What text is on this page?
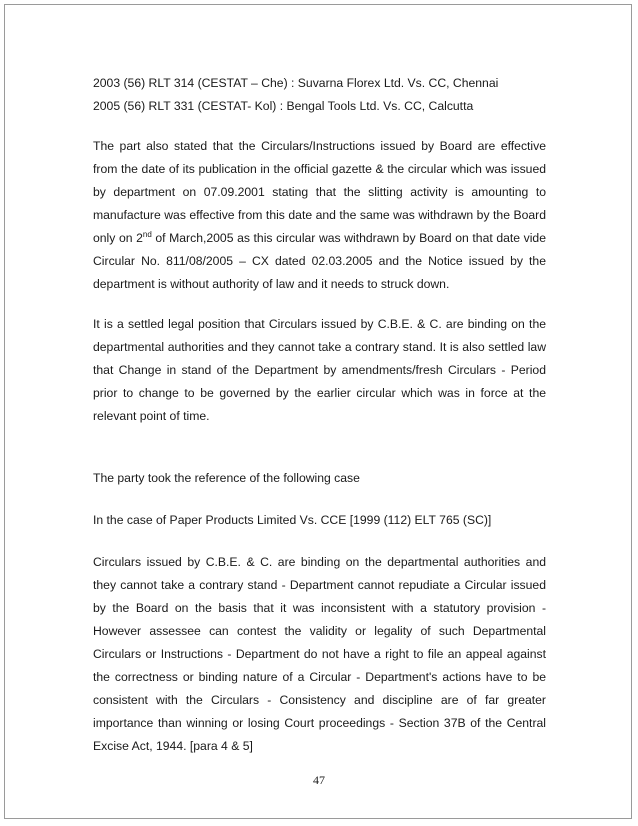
2003 (56) RLT 314 (CESTAT – Che) : Suvarna Florex Ltd. Vs. CC, Chennai

2005 (56) RLT 331 (CESTAT- Kol) : Bengal Tools Ltd. Vs. CC, Calcutta

The part also stated that the Circulars/Instructions issued by Board are effective from the date of its publication in the official gazette & the circular which was issued by department on 07.09.2001 stating that the slitting activity is amounting to manufacture was effective from this date and the same was withdrawn by the Board only on 2nd of March,2005 as this circular was withdrawn by Board on that date vide Circular No. 811/08/2005 – CX dated 02.03.2005 and the Notice issued by the department is without authority of law and it needs to struck down.

It is a settled legal position that Circulars issued by C.B.E. & C. are binding on the departmental authorities and they cannot take a contrary stand. It is also settled law that Change in stand of the Department by amendments/fresh Circulars - Period prior to change to be governed by the earlier circular which was in force at the relevant point of time.

The party took the reference of the following case

In the case of Paper Products Limited Vs. CCE [1999 (112) ELT 765 (SC)]

Circulars issued by C.B.E. & C. are binding on the departmental authorities and they cannot take a contrary stand - Department cannot repudiate a Circular issued by the Board on the basis that it was inconsistent with a statutory provision - However assessee can contest the validity or legality of such Departmental Circulars or Instructions - Department do not have a right to file an appeal against the correctness or binding nature of a Circular - Department's actions have to be consistent with the Circulars - Consistency and discipline are of far greater importance than winning or losing Court proceedings - Section 37B of the Central Excise Act, 1944. [para 4 & 5]

47
